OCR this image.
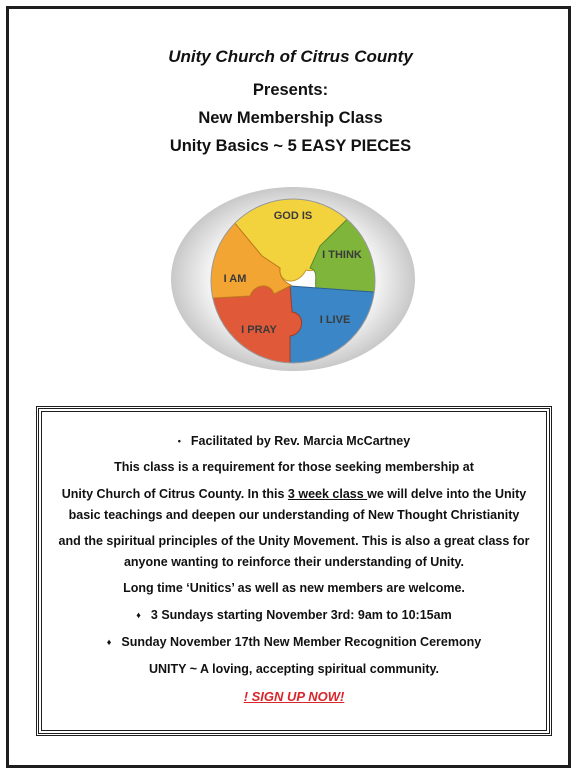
Unity Church of Citrus County

Presents:

New Membership Class

Unity Basics ~ 5 EASY PIECES

GOD IS
I THINK
I LIVE
I PRAY
I AM

• Facilitated by Rev. Marcia McCartney

This class is a requirement for those seeking membership at

Unity Church of Citrus County. In this 3 week class we will delve into the Unity

basic teachings and deepen our understanding of New Thought Christianity

and the spiritual principles of the Unity Movement. This is also a great class for

anyone wanting to reinforce their understanding of Unity.

Long time ‘Unitics’ as well as new members are welcome.

♦ 3 Sundays starting November 3rd: 9am to 10:15am

♦ Sunday November 17th New Member Recognition Ceremony

UNITY ~ A loving, accepting spiritual community.

! SIGN UP NOW!
